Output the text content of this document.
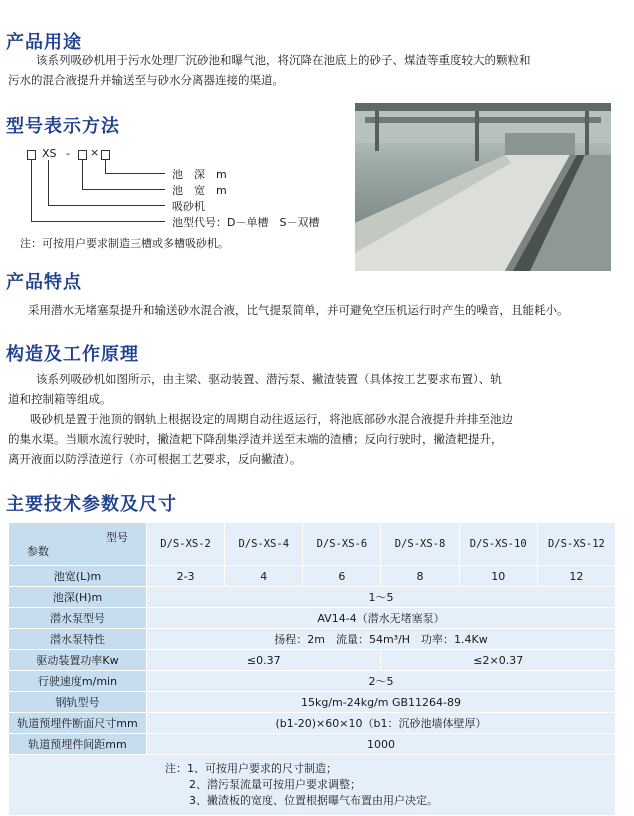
产品用途

该系列吸砂机用于污水处理厂沉砂池和曝气池，将沉降在池底上的砂子、煤渣等重度较大的颗粒和

污水的混合液提升并输送至与砂水分离器连接的渠道。

型号表示方法
XS - ×
池　深　m
池　宽　m
吸砂机
池型代号：D－单槽　S－双槽

注：可按用户要求制造三槽或多槽吸砂机。

产品特点

采用潜水无堵塞泵提升和输送砂水混合液，比气提泵简单，并可避免空压机运行时产生的噪音，且能耗小。

构造及工作原理

该系列吸砂机如图所示，由主梁、驱动装置、潜污泵、撇渣装置（具体按工艺要求布置）、轨

道和控制箱等组成。

吸砂机是置于池顶的钢轨上根据设定的周期自动往返运行，将池底部砂水混合液提升并排至池边

的集水渠。当顺水流行驶时，撇渣耙下降刮集浮渣并送至末端的渣槽；反向行驶时，撇渣耙提升，

离开液面以防浮渣逆行（亦可根据工艺要求，反向撇渣）。

主要技术参数及尺寸
型号
参数	D/S-XS-2	D/S-XS-4	D/S-XS-6	D/S-XS-8	D/S-XS-10	D/S-XS-12
池宽(L)m	2-3	4	6	8	10	12
池深(H)m	1～5					
潜水泵型号	AV14-4（潜水无堵塞泵）					
潜水泵特性	扬程：2m　流量：54m³/H　功率：1.4Kw					
驱动装置功率Kw	≤0.37			≤2×0.37		
行驶速度m/min	2～5					
钢轨型号	15kg/m-24kg/m GB11264-89					
轨道预埋件断面尺寸mm	(b1-20)×60×10（b1：沉砂池墙体壁厚）					
轨道预埋件间距mm	1000					

注：1、可按用户要求的尺寸制造；
2、潜污泵流量可按用户要求调整；
3、撇渣板的宽度、位置根据曝气布置由用户决定。						
